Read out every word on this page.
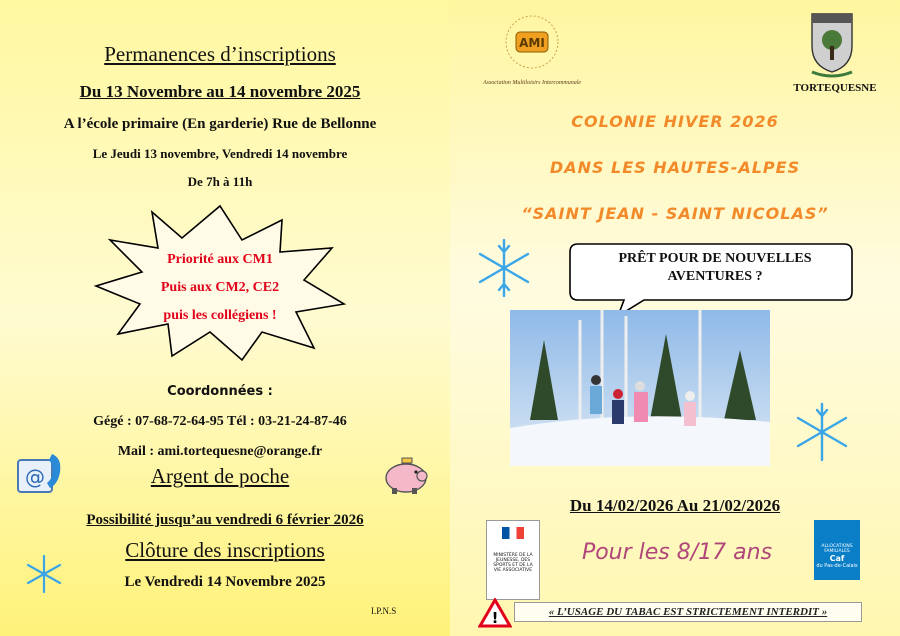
Permanences d’inscriptions
Du 13 Novembre au 14 novembre 2025
A l’école primaire (En garderie) Rue de Bellonne
Le Jeudi 13 novembre, Vendredi 14 novembre
De 7h à 11h
Priorité aux CM1
Puis aux CM2, CE2
puis les collégiens !
Coordonnées :
Gégé : 07-68-72-64-95 Tél : 03-21-24-87-46
Mail : ami.tortequesne@orange.fr
@	Argent de poche
Possibilité jusqu’au vendredi 6 février 2026
Clôture des inscriptions
Le Vendredi 14 Novembre 2025
I.P.N.S
AMI
Association Multiloisirs Intercommunale	TORTEQUESNE
COLONIE HIVER 2026
DANS LES HAUTES-ALPES
“SAINT JEAN - SAINT NICOLAS”
PRÊT POUR DE NOUVELLES AVENTURES ?
Du 14/02/2026 Au 21/02/2026
MINISTÈRE DE LA JEUNESSE, DES SPORTS ET DE LA VIE ASSOCIATIVE
Pour les 8/17 ans	ALLOCATIONS FAMILIALES
Caf
du Pas-de-Calais
!	« L’USAGE DU TABAC EST STRICTEMENT INTERDIT »
